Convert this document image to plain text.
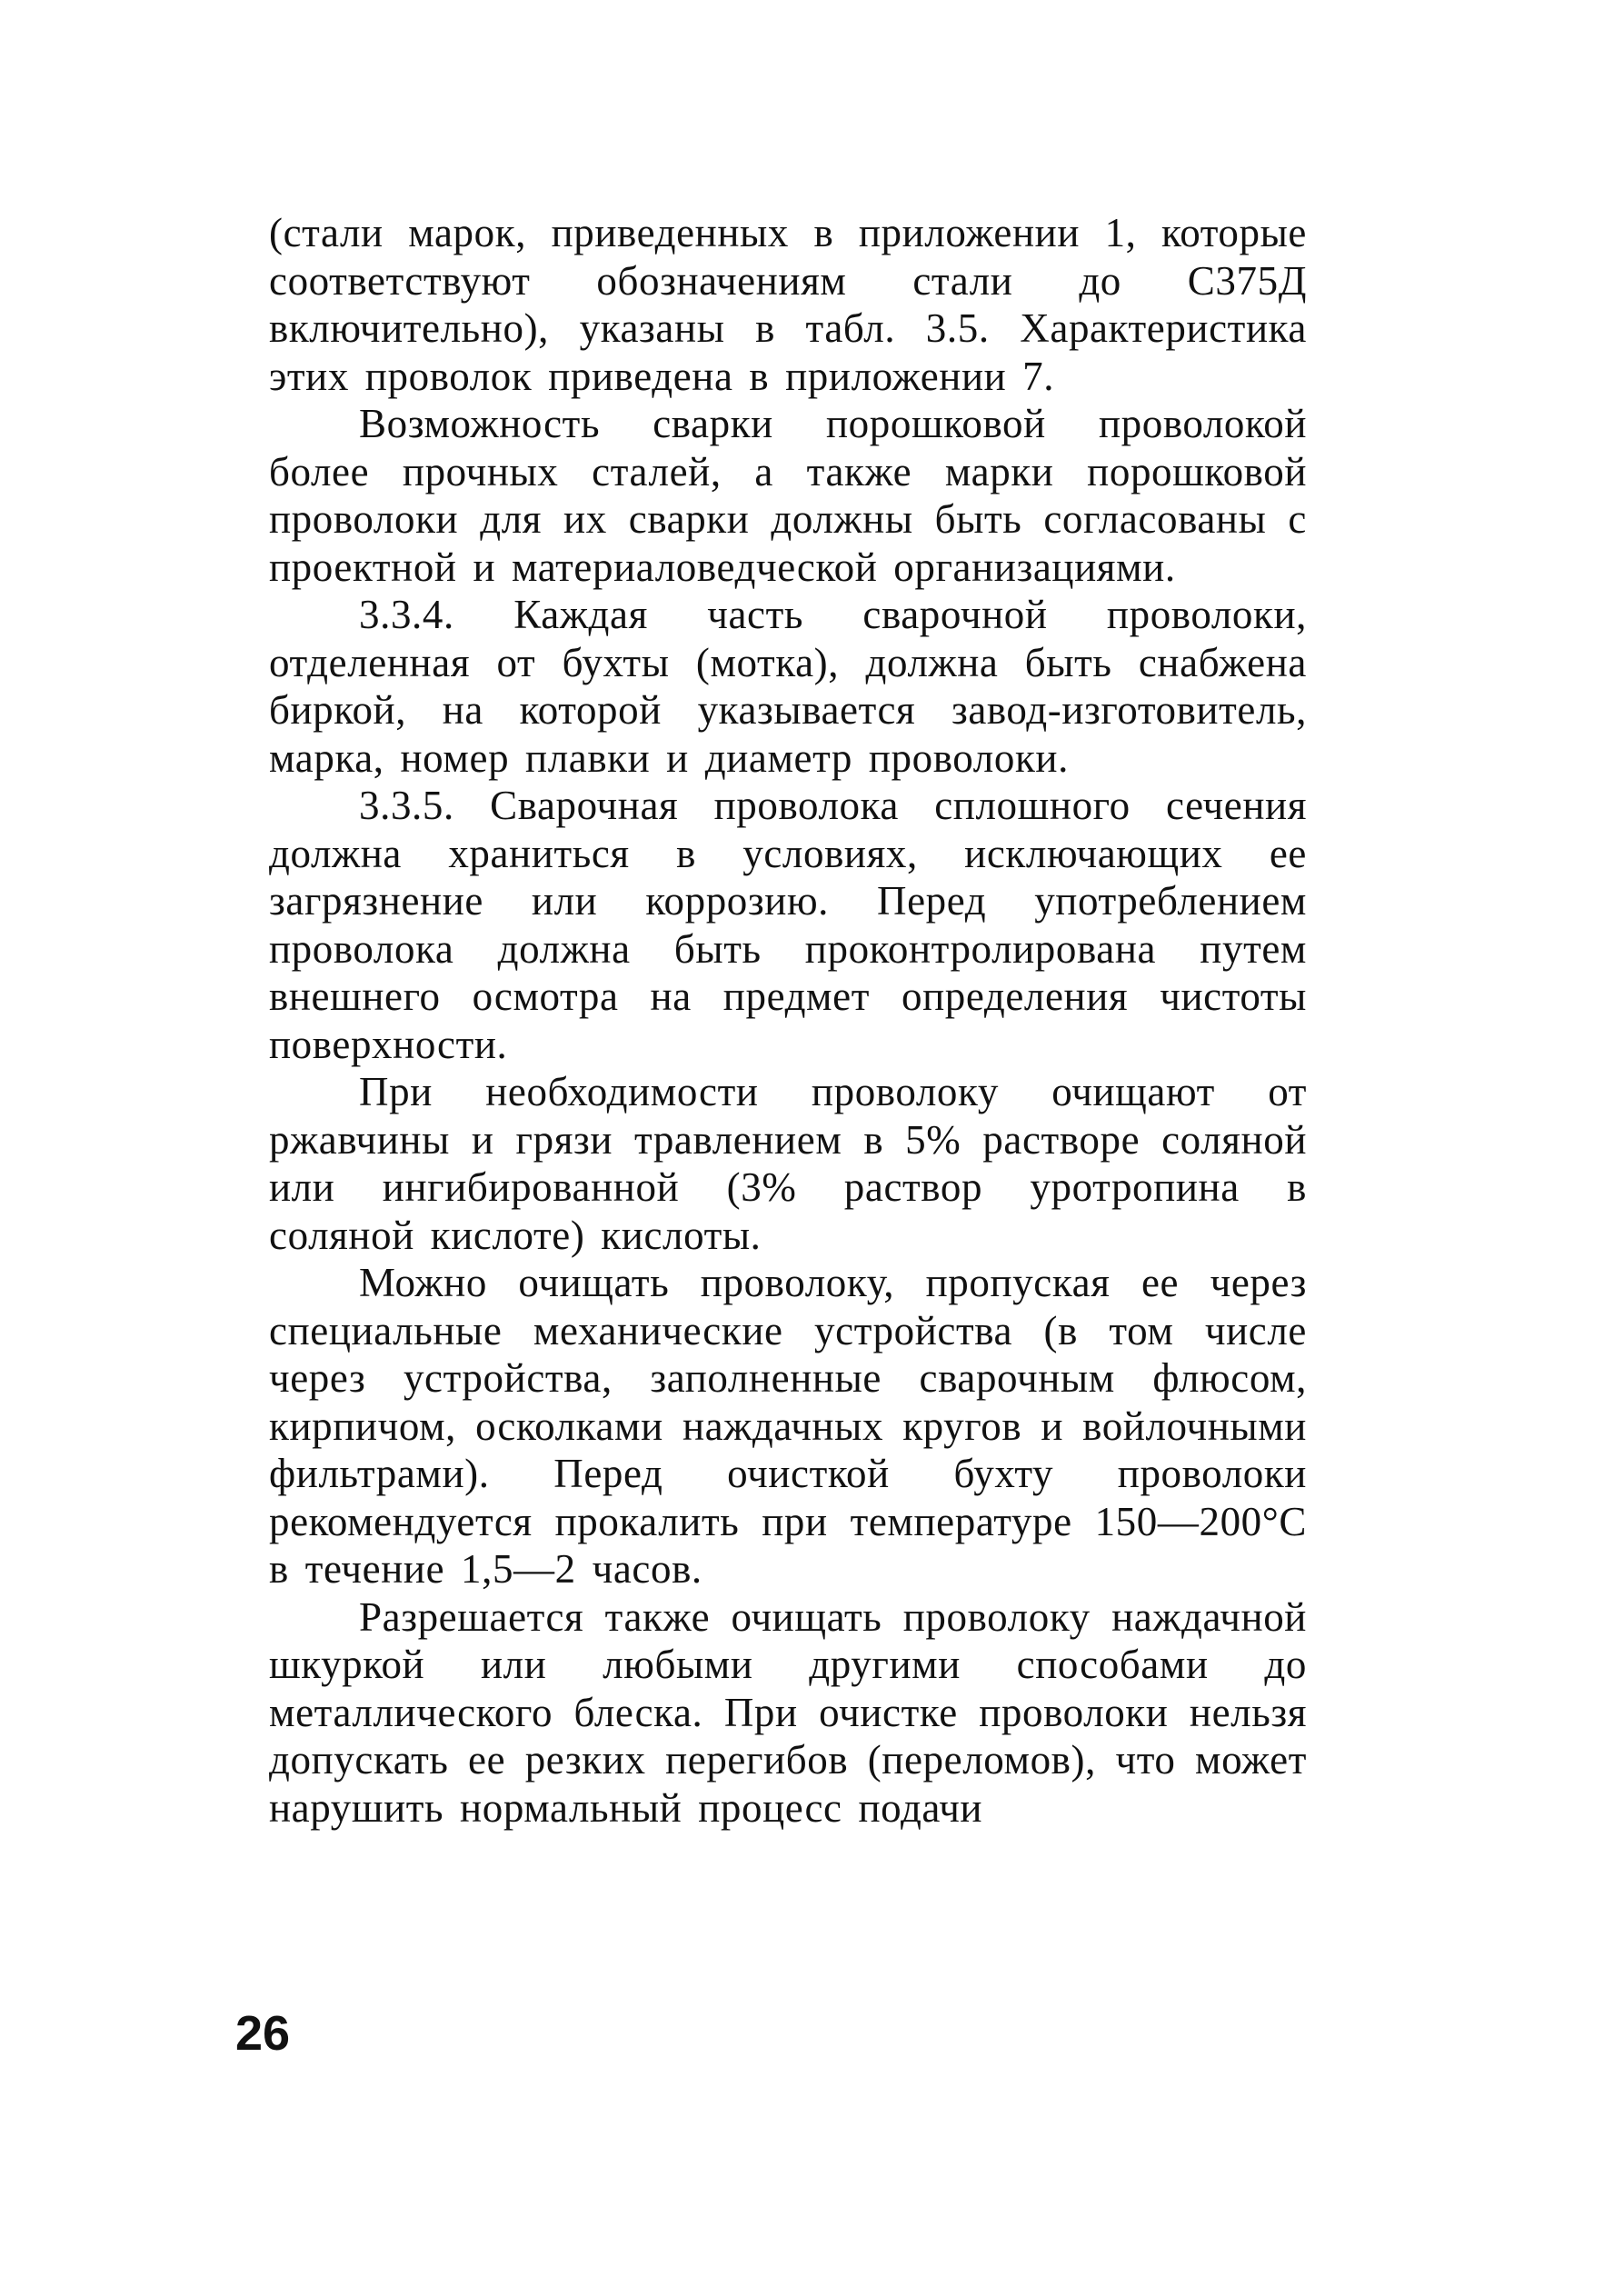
(стали марок, приведенных в приложении 1, которые соответствуют обозначениям стали до С375Д включительно), указаны в табл. 3.5. Характеристика этих проволок приведена в приложении 7.

Возможность сварки порошковой проволокой более прочных сталей, а также марки порошковой проволоки для их сварки должны быть согласованы с проектной и материаловедческой организациями.

3.3.4. Каждая часть сварочной проволоки, отделенная от бухты (мотка), должна быть снабжена биркой, на которой указывается завод-изготовитель, марка, номер плавки и диаметр проволоки.

3.3.5. Сварочная проволока сплошного сечения должна храниться в условиях, исключающих ее загрязнение или коррозию. Перед употреблением проволока должна быть проконтролирована путем внешнего осмотра на предмет определения чистоты поверхности.

При необходимости проволоку очищают от ржавчины и грязи травлением в 5% растворе соляной или ингибированной (3% раствор уротропина в соляной кислоте) кислоты.

Можно очищать проволоку, пропуская ее через специальные механические устройства (в том числе через устройства, заполненные сварочным флюсом, кирпичом, осколками наждачных кругов и войлочными фильтрами). Перед очисткой бухту проволоки рекомендуется прокалить при температуре 150—200°С в течение 1,5—2 часов.

Разрешается также очищать проволоку наждачной шкуркой или любыми другими способами до металлического блеска. При очистке проволоки нельзя допускать ее резких перегибов (переломов), что может нарушить нормальный процесс подачи

26
